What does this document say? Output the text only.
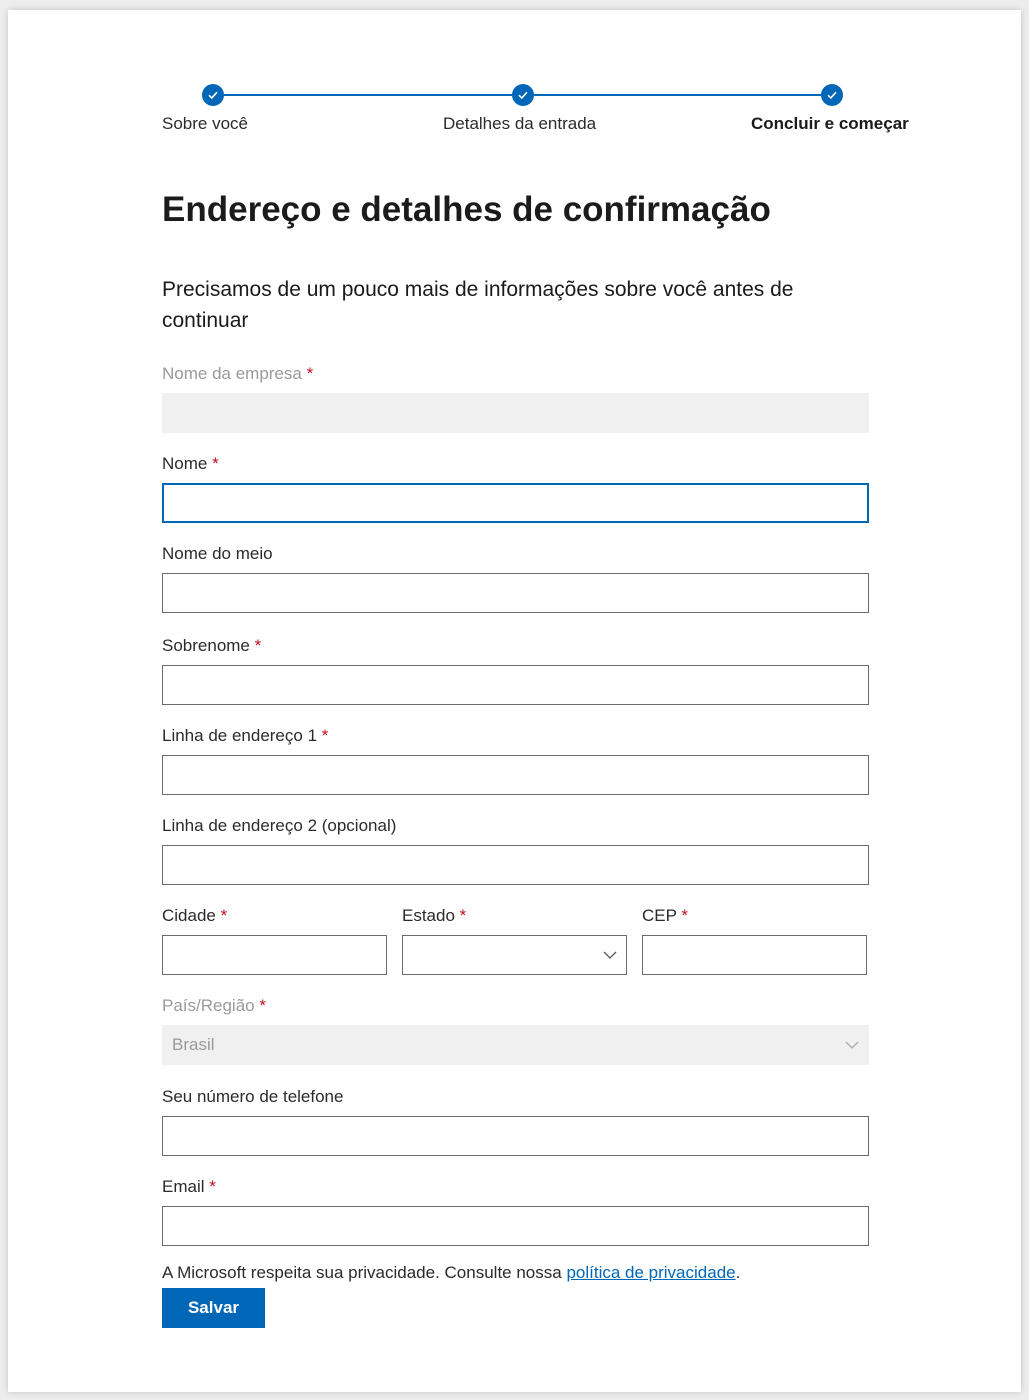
Sobre você	Detalhes da entrada	Concluir e começar
Endereço e detalhes de confirmação

Precisamos de um pouco mais de informações sobre você antes de continuar

Nome da empresa *
Nome *
Nome do meio
Sobrenome *
Linha de endereço 1 *
Linha de endereço 2 (opcional)
Cidade *	Estado *	CEP *
País/Região *
Brasil
Seu número de telefone
Email *
A Microsoft respeita sua privacidade. Consulte nossa política de privacidade.
Salvar
